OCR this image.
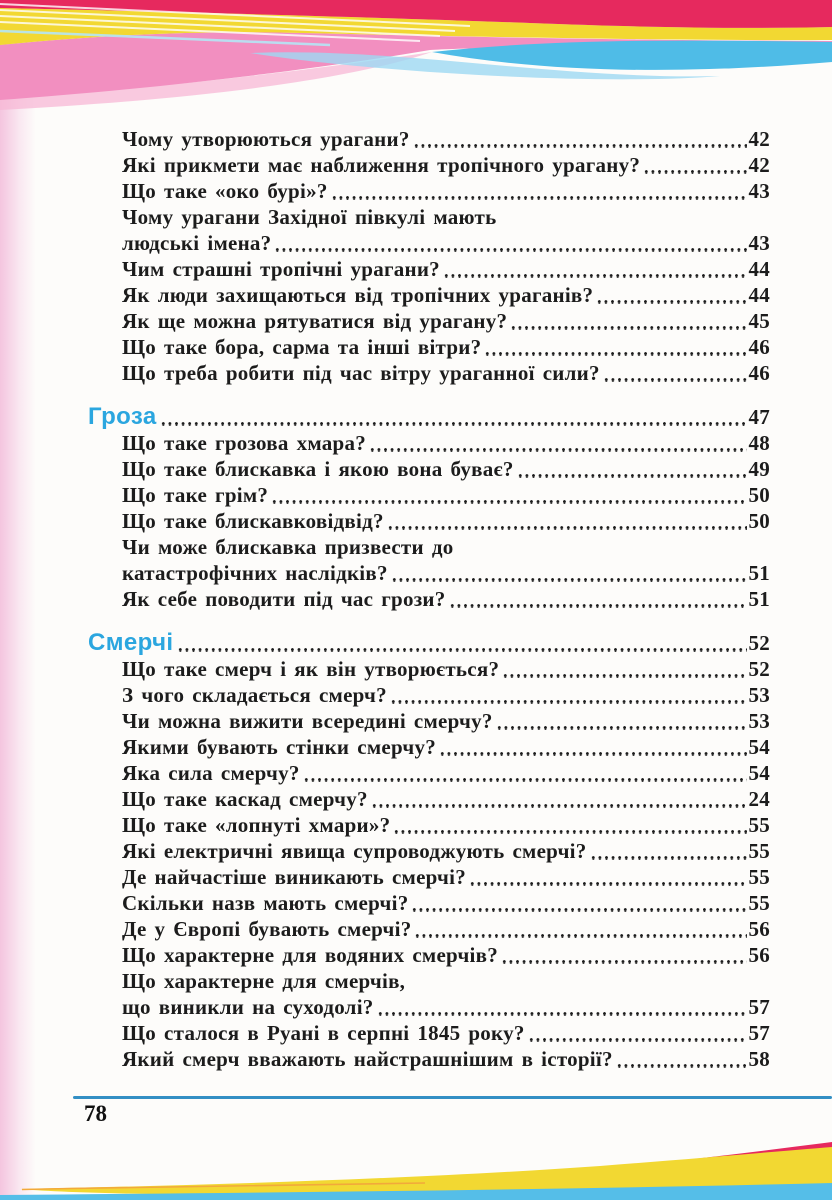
Чому утворюються урагани?	42
Які прикмети має наближення тропічного урагану?	42
Що таке «око бурі»?	43
Чому урагани Західної півкулі мають
людські імена?	43
Чим страшні тропічні урагани?	44
Як люди захищаються від тропічних ураганів?	44
Як ще можна рятуватися від урагану?	45
Що таке бора, сарма та інші вітри?	46
Що треба робити під час вітру ураганної сили?	46
Гроза	47
Що таке грозова хмара?	48
Що таке блискавка і якою вона буває?	49
Що таке грім?	50
Що таке блискавковідвід?	50
Чи може блискавка призвести до
катастрофічних наслідків?	51
Як себе поводити під час грози?	51
Смерчі	52
Що таке смерч і як він утворюється?	52
З чого складається смерч?	53
Чи можна вижити всередині смерчу?	53
Якими бувають стінки смерчу?	54
Яка сила смерчу?	54
Що таке каскад смерчу?	24
Що таке «лопнуті хмари»?	55
Які електричні явища супроводжують смерчі?	55
Де найчастіше виникають смерчі?	55
Скільки назв мають смерчі?	55
Де у Європі бувають смерчі?	56
Що характерне для водяних смерчів?	56
Що характерне для смерчів,
що виникли на суходолі?	57
Що сталося в Руані в серпні 1845 року?	57
Який смерч вважають найстрашнішим в історії?	58
78
